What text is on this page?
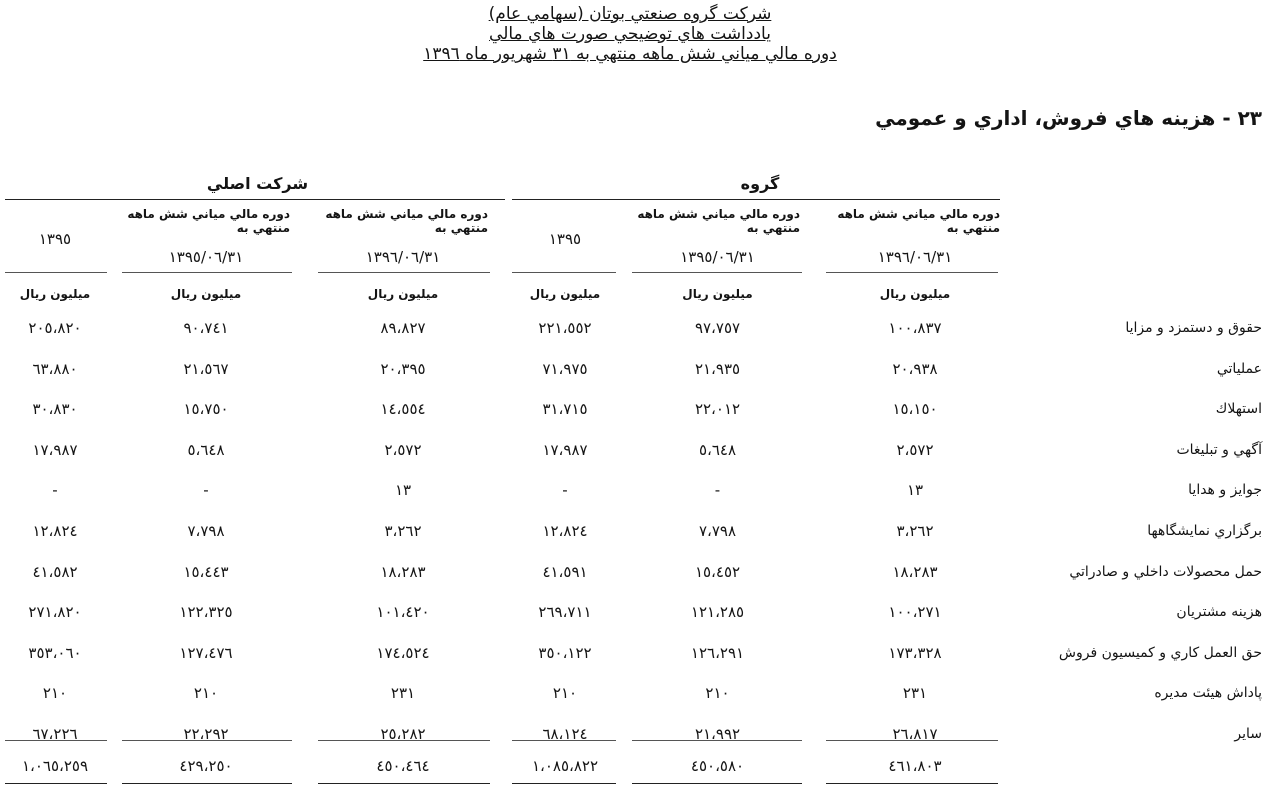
شرکت گروه صنعتي بوتان (سهامي عام)
يادداشت هاي توضيحي صورت هاي مالي
دوره مالي مياني شش ماهه منتهي به ٣١ شهريور ماه ١٣٩٦
٢٣ - هزينه هاي فروش، اداري و عمومي
گروه
شرکت اصلي
دوره مالي مياني شش ماهه منتهي به
١٣٩٦/٠٦/٣١
دوره مالي مياني شش ماهه منتهي به
١٣٩٥/٠٦/٣١
١٣٩٥
دوره مالي مياني شش ماهه منتهي به
١٣٩٦/٠٦/٣١
دوره مالي مياني شش ماهه منتهي به
١٣٩٥/٠٦/٣١
١٣٩٥
ميليون ريال
ميليون ريال
ميليون ريال
ميليون ريال
ميليون ريال
ميليون ريال
حقوق و دستمزد و مزايا
١٠٠،٨٣٧
٩٧،٧٥٧
٢٢١،٥٥٢
٨٩،٨٢٧
٩٠،٧٤١
٢٠٥،٨٢٠
عملياتي
٢٠،٩٣٨
٢١،٩٣٥
٧١،٩٧٥
٢٠،٣٩٥
٢١،٥٦٧
٦٣،٨٨٠
استهلاك
١٥،١٥٠
٢٢،٠١٢
٣١،٧١٥
١٤،٥٥٤
١٥،٧٥٠
٣٠،٨٣٠
آگهي و تبليغات
٢،٥٧٢
٥،٦٤٨
١٧،٩٨٧
٢،٥٧٢
٥،٦٤٨
١٧،٩٨٧
جوايز و هدايا
١٣
-
-
١٣
-
-
برگزاري نمايشگاهها
٣،٢٦٢
٧،٧٩٨
١٢،٨٢٤
٣،٢٦٢
٧،٧٩٨
١٢،٨٢٤
حمل محصولات داخلي و صادراتي
١٨،٢٨٣
١٥،٤٥٢
٤١،٥٩١
١٨،٢٨٣
١٥،٤٤٣
٤١،٥٨٢
هزينه مشتريان
١٠٠،٢٧١
١٢١،٢٨٥
٢٦٩،٧١١
١٠١،٤٢٠
١٢٢،٣٢٥
٢٧١،٨٢٠
حق العمل كاري و كميسيون فروش
١٧٣،٣٢٨
١٢٦،٢٩١
٣٥٠،١٢٢
١٧٤،٥٢٤
١٢٧،٤٧٦
٣٥٣،٠٦٠
پاداش هيئت مديره
٢٣١
٢١٠
٢١٠
٢٣١
٢١٠
٢١٠
ساير
٢٦،٨١٧
٢١،٩٩٢
٦٨،١٢٤
٢٥،٢٨٢
٢٢،٢٩٢
٦٧،٢٢٦
٤٦١،٨٠٣
٤٥٠،٥٨٠
١،٠٨٥،٨٢٢
٤٥٠،٤٦٤
٤٢٩،٢٥٠
١،٠٦٥،٢٥٩
